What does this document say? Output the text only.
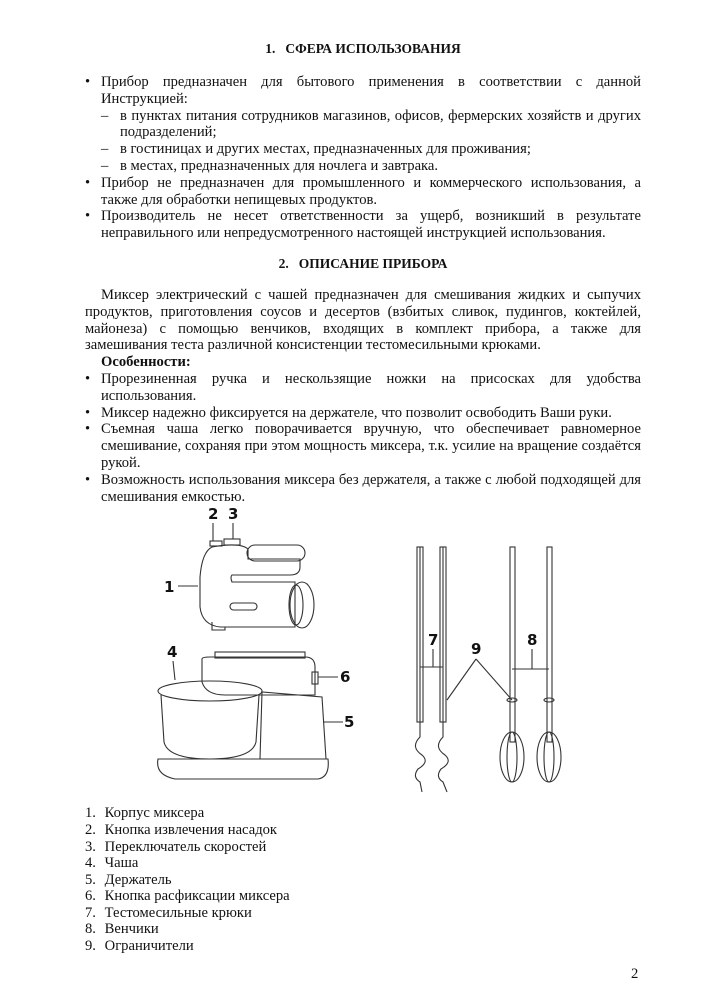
1. СФЕРА ИСПОЛЬЗОВАНИЯ
• Прибор предназначен для бытового применения в соответствии с данной Инструкцией:
– в пунктах питания сотрудников магазинов, офисов, фермерских хозяйств и других подразделений;
– в гостиницах и других местах, предназначенных для проживания;
– в местах, предназначенных для ночлега и завтрака.
• Прибор не предназначен для промышленного и коммерческого использования, а также для обработки непищевых продуктов.
• Производитель не несет ответственности за ущерб, возникший в результате неправильного или непредусмотренного настоящей инструкцией использования.
2. ОПИСАНИЕ ПРИБОРА
Миксер электрический с чашей предназначен для смешивания жидких и сыпучих продуктов, приготовления соусов и десертов (взбитых сливок, пудингов, коктейлей, майонеза) с помощью венчиков, входящих в комплект прибора, а также для замешивания теста различной консистенции тестомесильными крюками.
Особенности:
• Прорезиненная ручка и нескользящие ножки на присосках для удобства использования.
• Миксер надежно фиксируется на держателе, что позволит освободить Ваши руки.
• Съемная чаша легко поворачивается вручную, что обеспечивает равномерное смешивание, сохраняя при этом мощность миксера, т.к. усилие на вращение создаётся рукой.
• Возможность использования миксера без держателя, а также с любой подходящей для смешивания емкостью.
1
2 3
4
5
6
7	8
9
1. Корпус миксера
2. Кнопка извлечения насадок
3. Переключатель скоростей
4. Чаша
5. Держатель
6. Кнопка расфиксации миксера
7. Тестомесильные крюки
8. Венчики
9. Ограничители
2
